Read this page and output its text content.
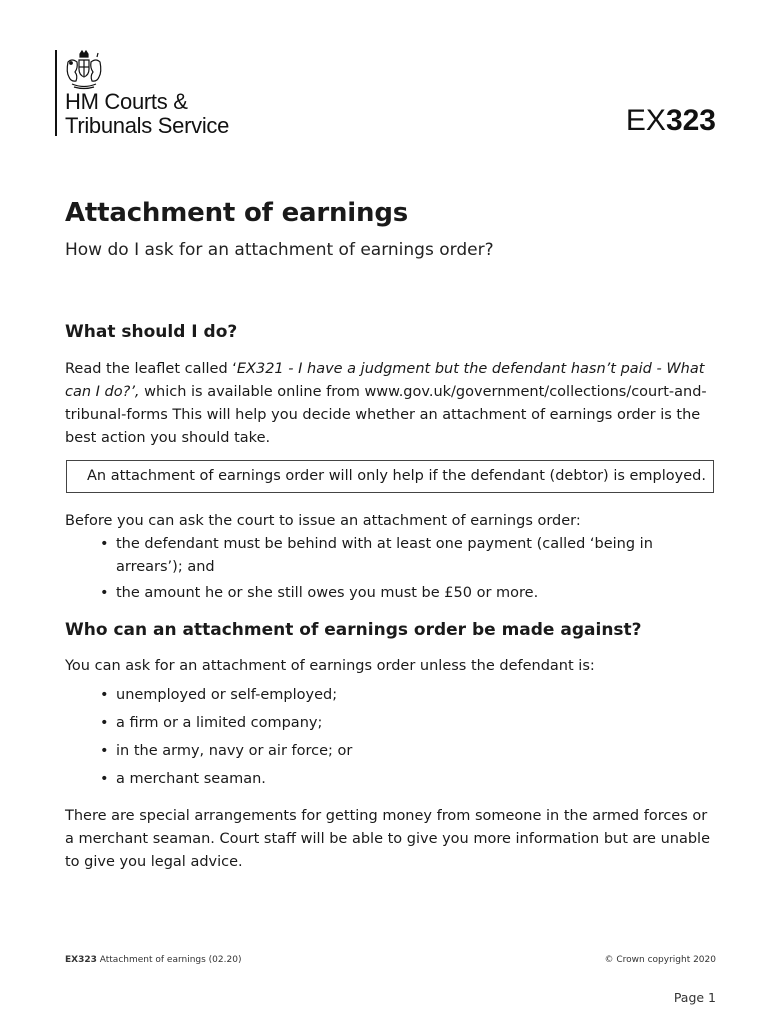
HM Courts &
Tribunals Service	EX323
Attachment of earnings
How do I ask for an attachment of earnings order?
What should I do?
Read the leaflet called ‘EX321 - I have a judgment but the defendant hasn’t paid - What can I do?’, which is available online from www.gov.uk/government/collections/court-and-tribunal-forms This will help you decide whether an attachment of earnings order is the best action you should take.
An attachment of earnings order will only help if the defendant (debtor) is employed.
Before you can ask the court to issue an attachment of earnings order:
• the defendant must be behind with at least one payment (called ‘being in arrears’); and
• the amount he or she still owes you must be £50 or more.
Who can an attachment of earnings order be made against?
You can ask for an attachment of earnings order unless the defendant is:
• unemployed or self-employed;
• a firm or a limited company;
• in the army, navy or air force; or
• a merchant seaman.
There are special arrangements for getting money from someone in the armed forces or a merchant seaman. Court staff will be able to give you more information but are unable to give you legal advice.
EX323 Attachment of earnings (02.20)	© Crown copyright 2020
Page 1
